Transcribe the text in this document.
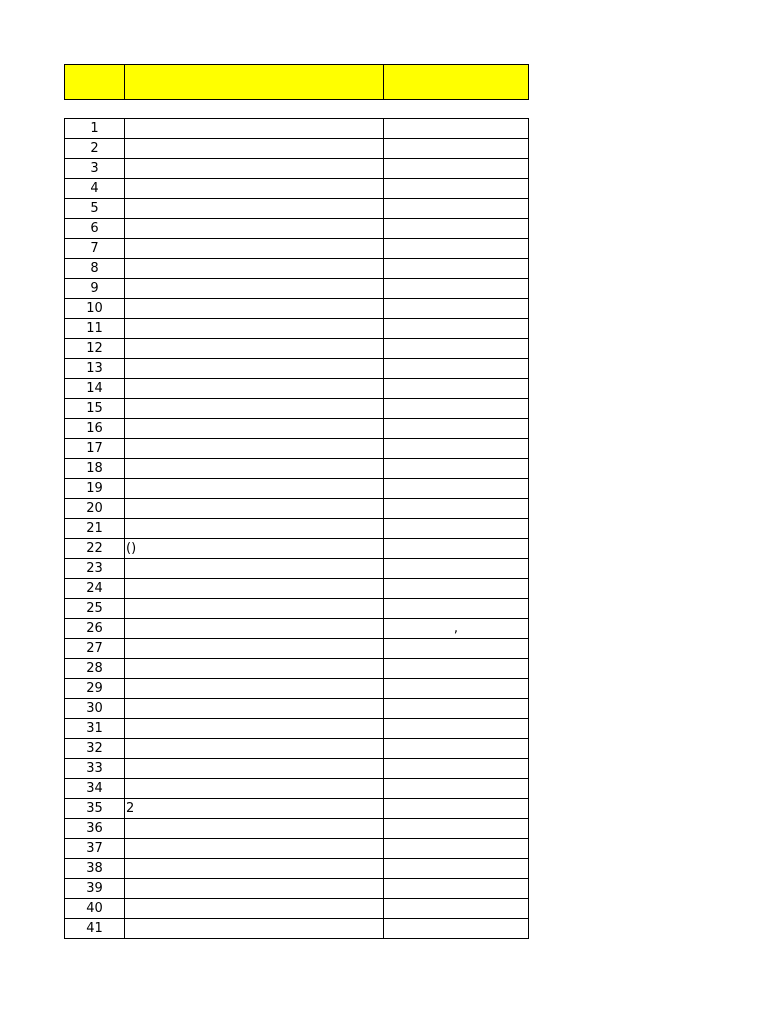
1		
2		
3		
4		
5		
6		
7		
8		
9		
10		
11		
12		
13		
14		
15		
16		
17		
18		
19		
20		
21		
22	()	
23		
24		
25		
26		,
27		
28		
29		
30		
31		
32		
33		
34		
35	2	
36		
37		
38		
39		
40		
41		
